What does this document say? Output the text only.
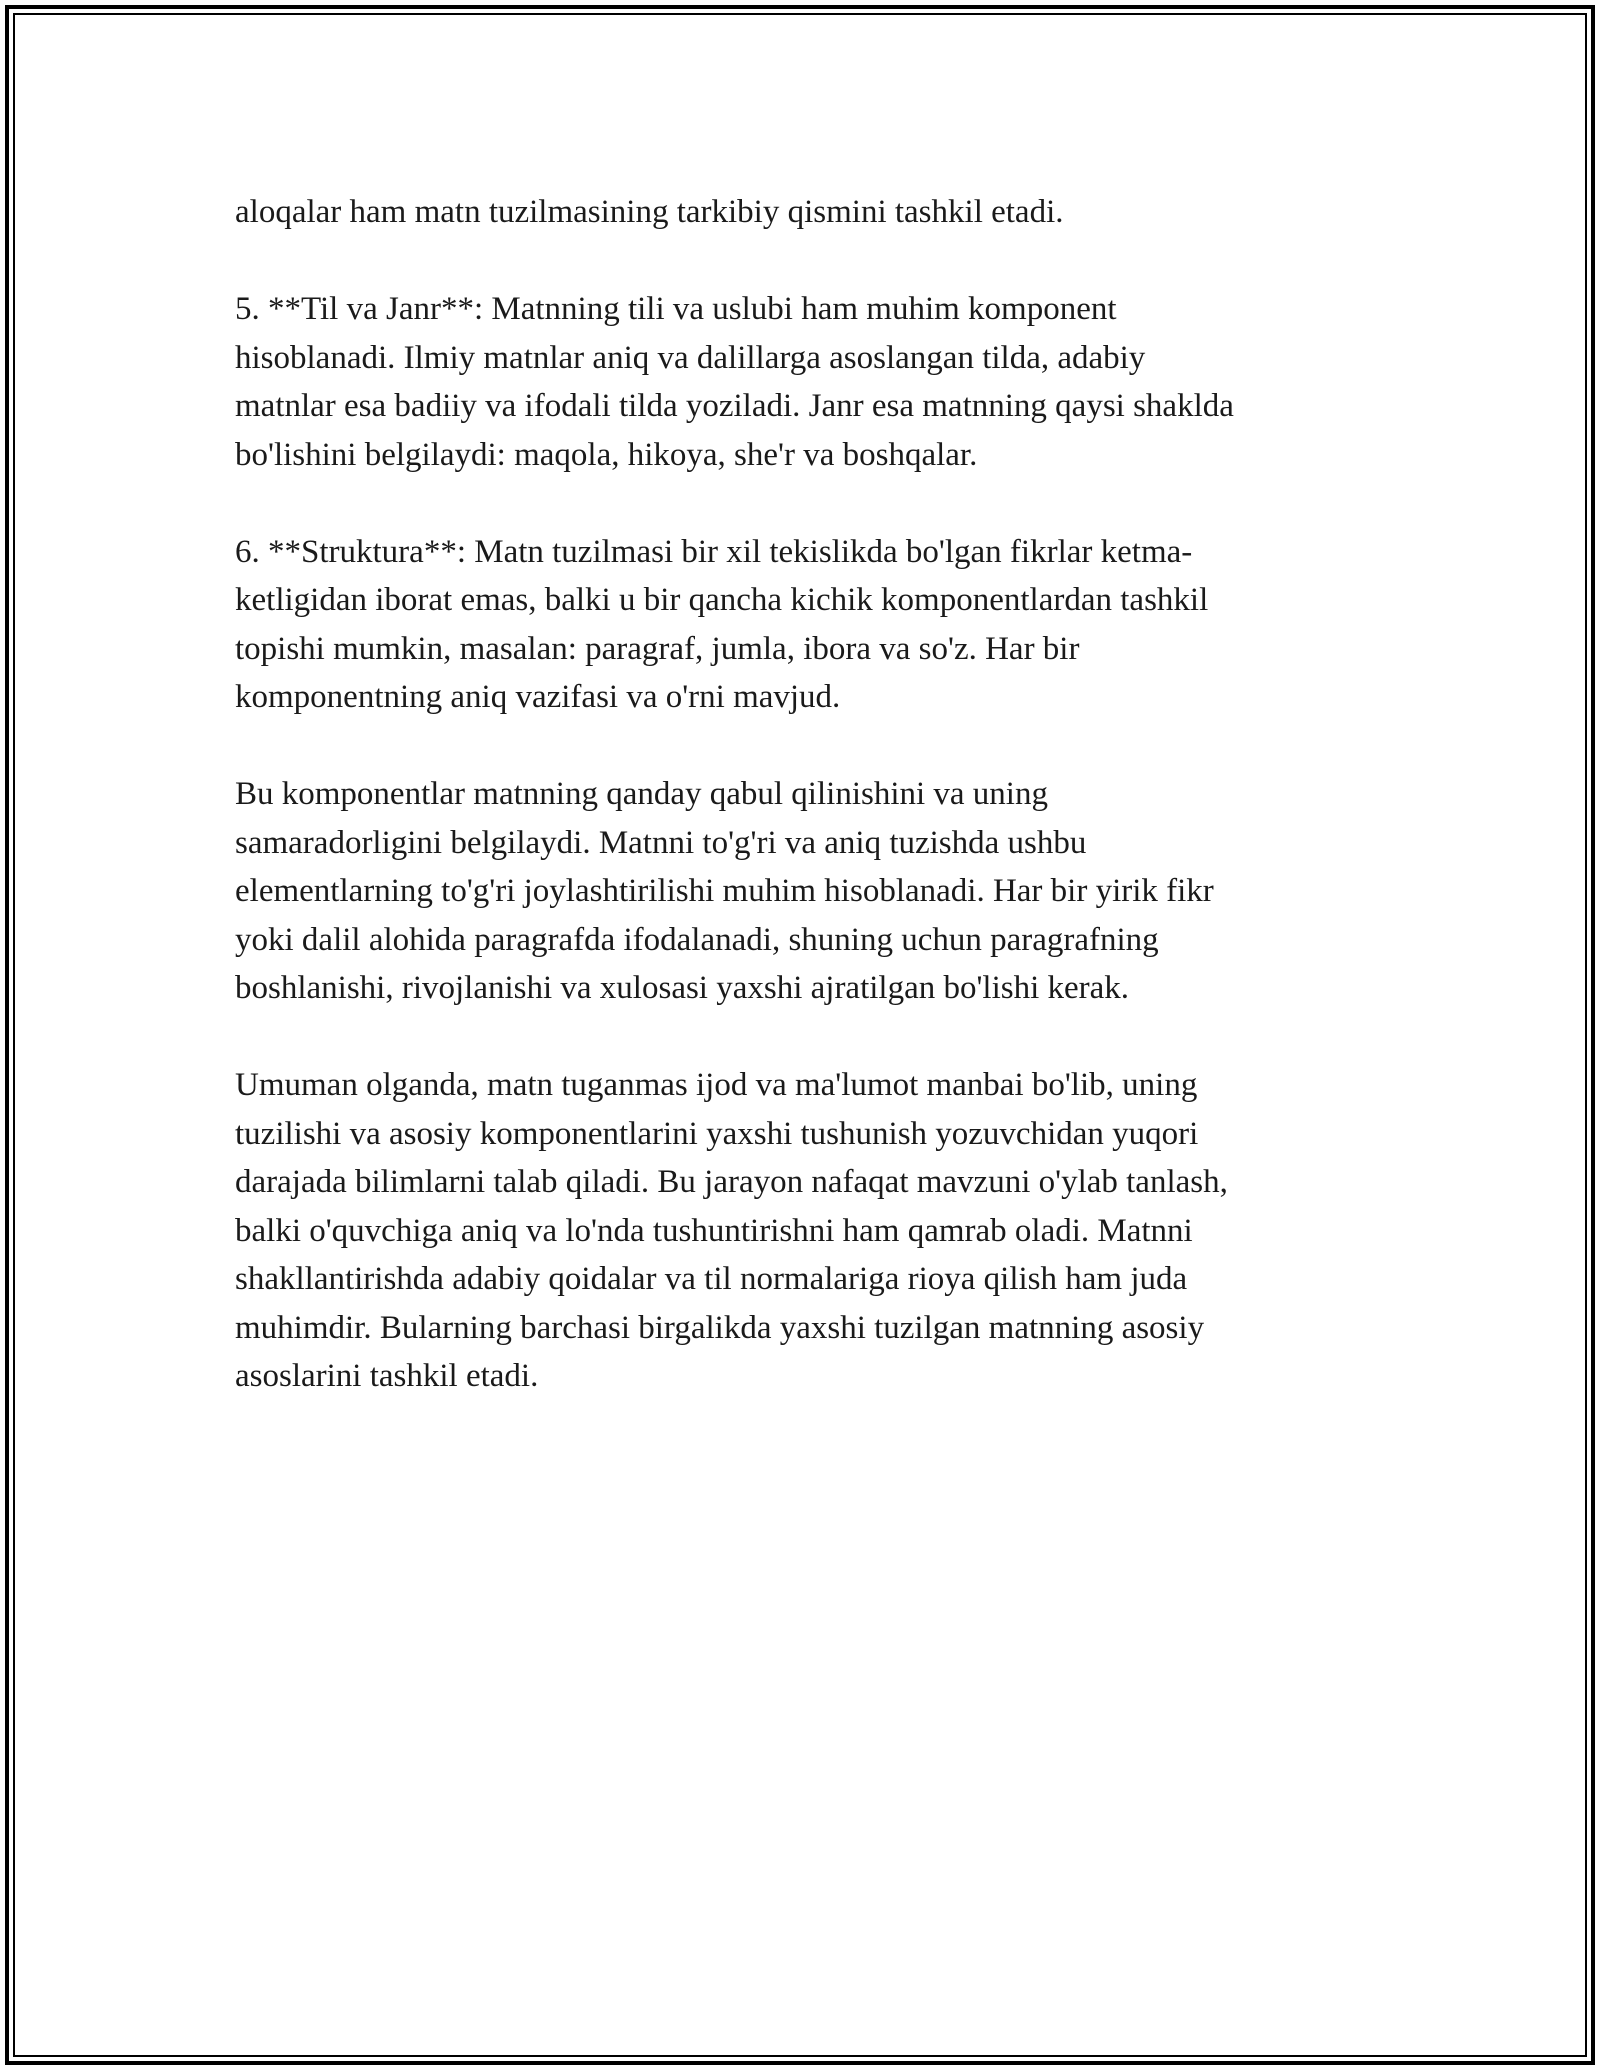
aloqalar ham matn tuzilmasining tarkibiy qismini tashkil etadi.

5. **Til va Janr**: Matnning tili va uslubi ham muhim komponent
hisoblanadi. Ilmiy matnlar aniq va dalillarga asoslangan tilda, adabiy
matnlar esa badiiy va ifodali tilda yoziladi. Janr esa matnning qaysi shaklda
bo'lishini belgilaydi: maqola, hikoya, she'r va boshqalar.

6. **Struktura**: Matn tuzilmasi bir xil tekislikda bo'lgan fikrlar ketma-
ketligidan iborat emas, balki u bir qancha kichik komponentlardan tashkil
topishi mumkin, masalan: paragraf, jumla, ibora va so'z. Har bir
komponentning aniq vazifasi va o'rni mavjud.

Bu komponentlar matnning qanday qabul qilinishini va uning
samaradorligini belgilaydi. Matnni to'g'ri va aniq tuzishda ushbu
elementlarning to'g'ri joylashtirilishi muhim hisoblanadi. Har bir yirik fikr
yoki dalil alohida paragrafda ifodalanadi, shuning uchun paragrafning
boshlanishi, rivojlanishi va xulosasi yaxshi ajratilgan bo'lishi kerak.

Umuman olganda, matn tuganmas ijod va ma'lumot manbai bo'lib, uning
tuzilishi va asosiy komponentlarini yaxshi tushunish yozuvchidan yuqori
darajada bilimlarni talab qiladi. Bu jarayon nafaqat mavzuni o'ylab tanlash,
balki o'quvchiga aniq va lo'nda tushuntirishni ham qamrab oladi. Matnni
shakllantirishda adabiy qoidalar va til normalariga rioya qilish ham juda
muhimdir. Bularning barchasi birgalikda yaxshi tuzilgan matnning asosiy
asoslarini tashkil etadi.
